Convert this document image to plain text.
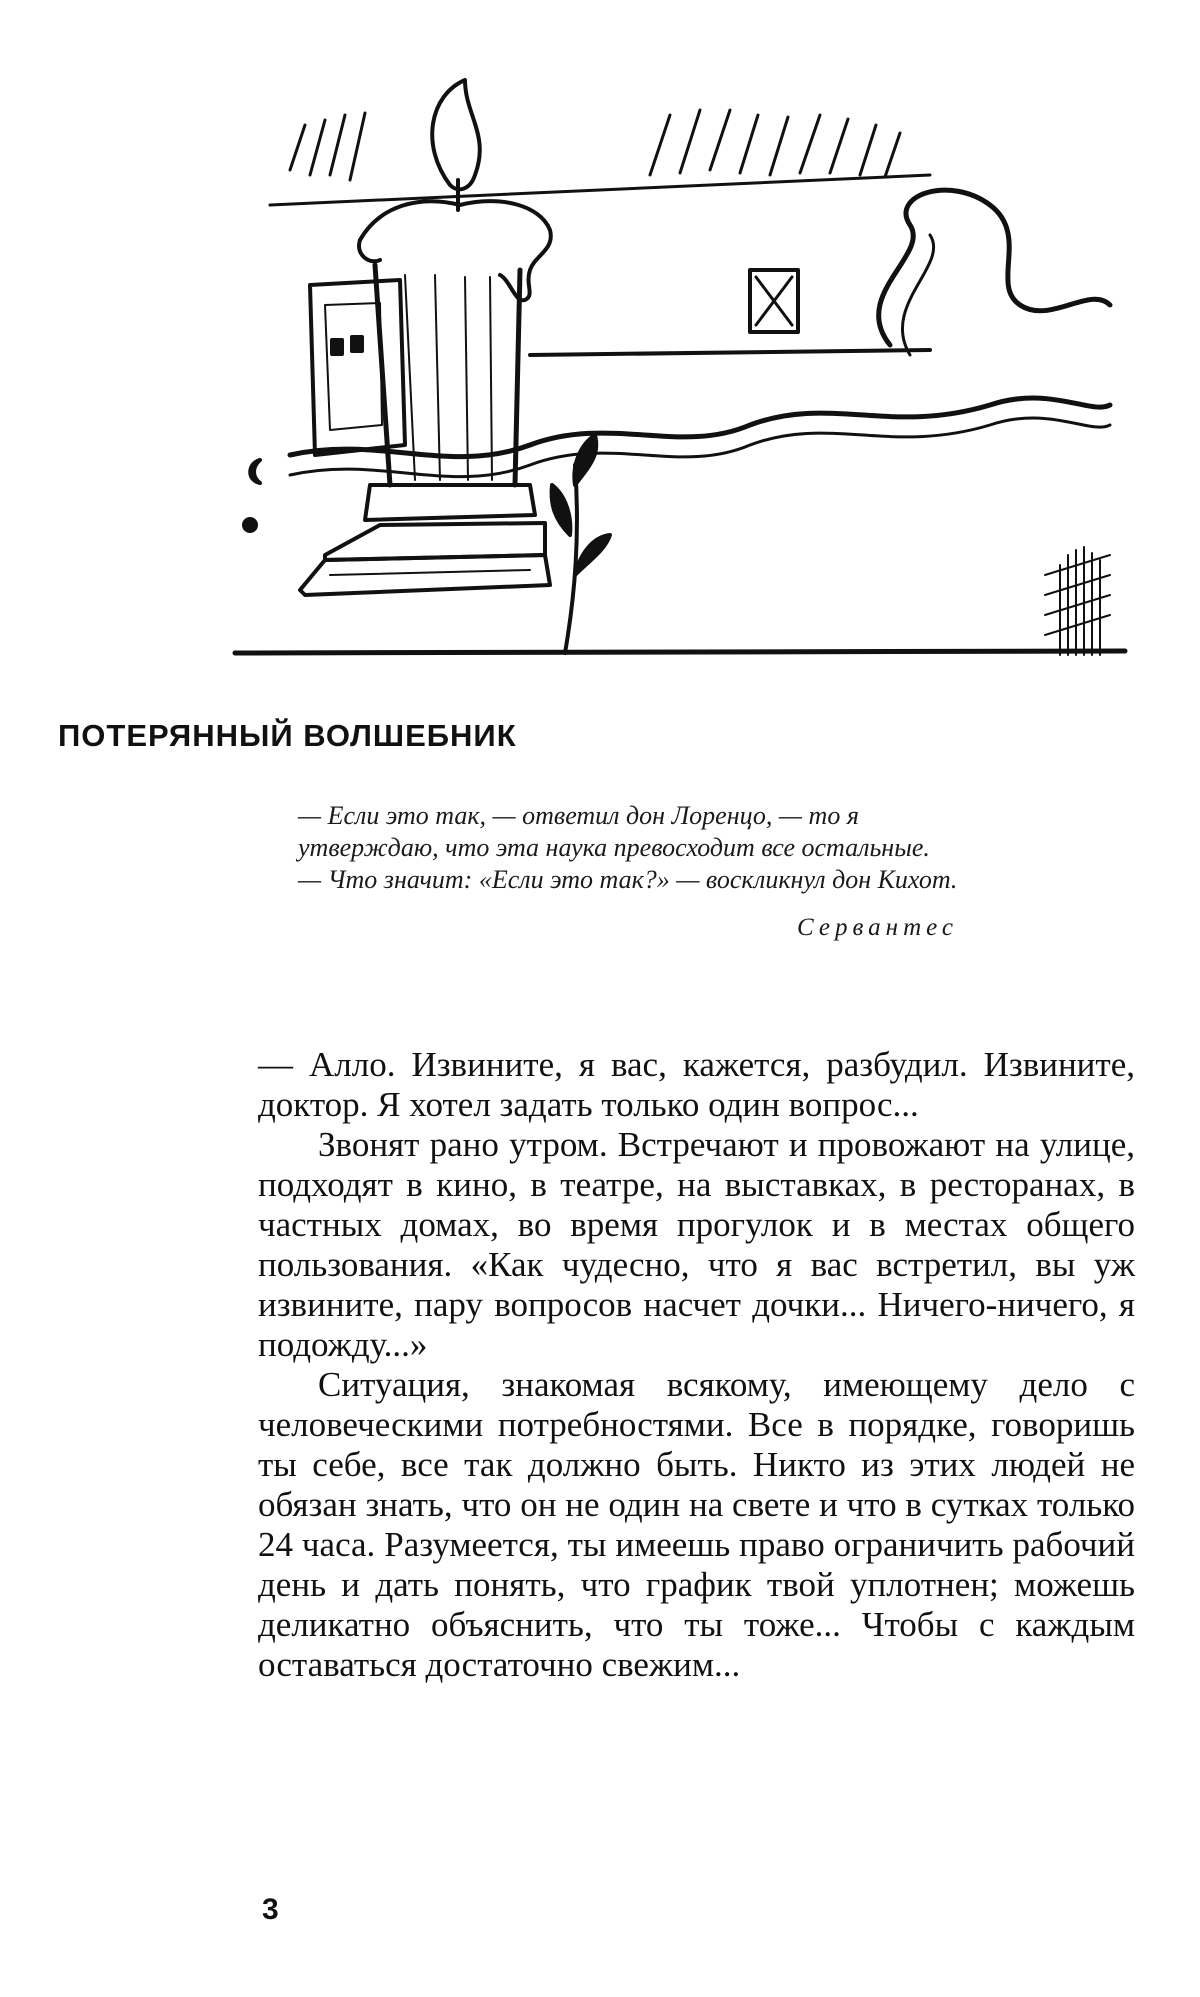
ПОТЕРЯННЫЙ ВОЛШЕБНИК

— Если это так, — ответил дон Лоренцо, — то я утверждаю, что эта наука превосходит все остальные.

— Что значит: «Если это так?» — воскликнул дон Кихот.

Сервантес

— Алло. Извините, я вас, кажется, разбудил. Извините, доктор. Я хотел задать только один вопрос...

Звонят рано утром. Встречают и провожают на улице, подходят в кино, в театре, на выставках, в ресторанах, в частных домах, во время прогулок и в местах общего пользования. «Как чудесно, что я вас встретил, вы уж извините, пару вопросов насчет дочки... Ничего-ничего, я подожду...»

Ситуация, знакомая всякому, имеющему дело с человеческими потребностями. Все в порядке, говоришь ты себе, все так должно быть. Никто из этих людей не обязан знать, что он не один на свете и что в сутках только 24 часа. Разумеется, ты имеешь право ограничить рабочий день и дать понять, что график твой уплотнен; можешь деликатно объяснить, что ты тоже... Чтобы с каждым оставаться достаточно свежим...

3
